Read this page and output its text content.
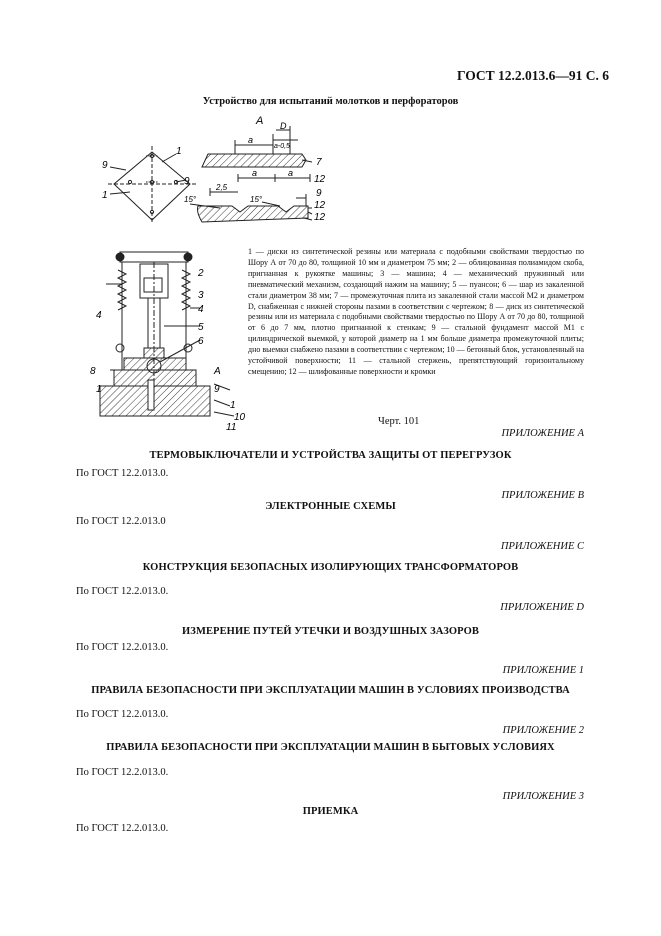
ГОСТ 12.2.013.6—91 С. 6
Устройство для испытаний молотков и перфораторов
9
1
1
9
А
a
D
a-0,5
7
a	a
2,5
15°	15°
12
9
12
12
2
3
4
4
5
6
8	A
1	9
1
10
11
1 — диски из синтетической резины или материала с подобными свойствами твердостью по Шору А от 70 до 80, толщиной 10 мм и диаметром 75 мм; 2 — облицованная полиамидом скоба, пригнанная к рукоятке машины; 3 — машина; 4 — механический пружинный или пневматический механизм, создающий нажим на машину; 5 — пуансон; 6 — шар из закаленной стали диаметром 38 мм; 7 — промежуточная плита из закаленной стали массой M2 и диаметром D, снабженная с нижней стороны пазами в соответствии с чертежом; 8 — диск из синтетической резины или из материала с подобными свойствами твердостью по Шору А от 70 до 80, толщиной от 6 до 7 мм, плотно пригнанной к стенкам; 9 — стальной фундамент массой M1 с цилиндрической выемкой, у которой диаметр на 1 мм больше диаметра промежуточной плиты; дно выемки снабжено пазами в соответствии с чертежом; 10 — бетонный блок, установленный на устойчивой поверхности; 11 — стальной стержень, препятствующий горизонтальному смещению; 12 — шлифованные поверхности и кромки
Черт. 101
ПРИЛОЖЕНИЕ A
ТЕРМОВЫКЛЮЧАТЕЛИ И УСТРОЙСТВА ЗАЩИТЫ ОТ ПЕРЕГРУЗОК
По ГОСТ 12.2.013.0.
ПРИЛОЖЕНИЕ B
ЭЛЕКТРОННЫЕ СХЕМЫ
По ГОСТ 12.2.013.0
ПРИЛОЖЕНИЕ C
КОНСТРУКЦИЯ БЕЗОПАСНЫХ ИЗОЛИРУЮЩИХ ТРАНСФОРМАТОРОВ
По ГОСТ 12.2.013.0.
ПРИЛОЖЕНИЕ D
ИЗМЕРЕНИЕ ПУТЕЙ УТЕЧКИ И ВОЗДУШНЫХ ЗАЗОРОВ
По ГОСТ 12.2.013.0.
ПРИЛОЖЕНИЕ 1
ПРАВИЛА БЕЗОПАСНОСТИ ПРИ ЭКСПЛУАТАЦИИ МАШИН В УСЛОВИЯХ ПРОИЗВОДСТВА
По ГОСТ 12.2.013.0.
ПРИЛОЖЕНИЕ 2
ПРАВИЛА БЕЗОПАСНОСТИ ПРИ ЭКСПЛУАТАЦИИ МАШИН В БЫТОВЫХ УСЛОВИЯХ
По ГОСТ 12.2.013.0.
ПРИЛОЖЕНИЕ 3
ПРИЕМКА
По ГОСТ 12.2.013.0.
